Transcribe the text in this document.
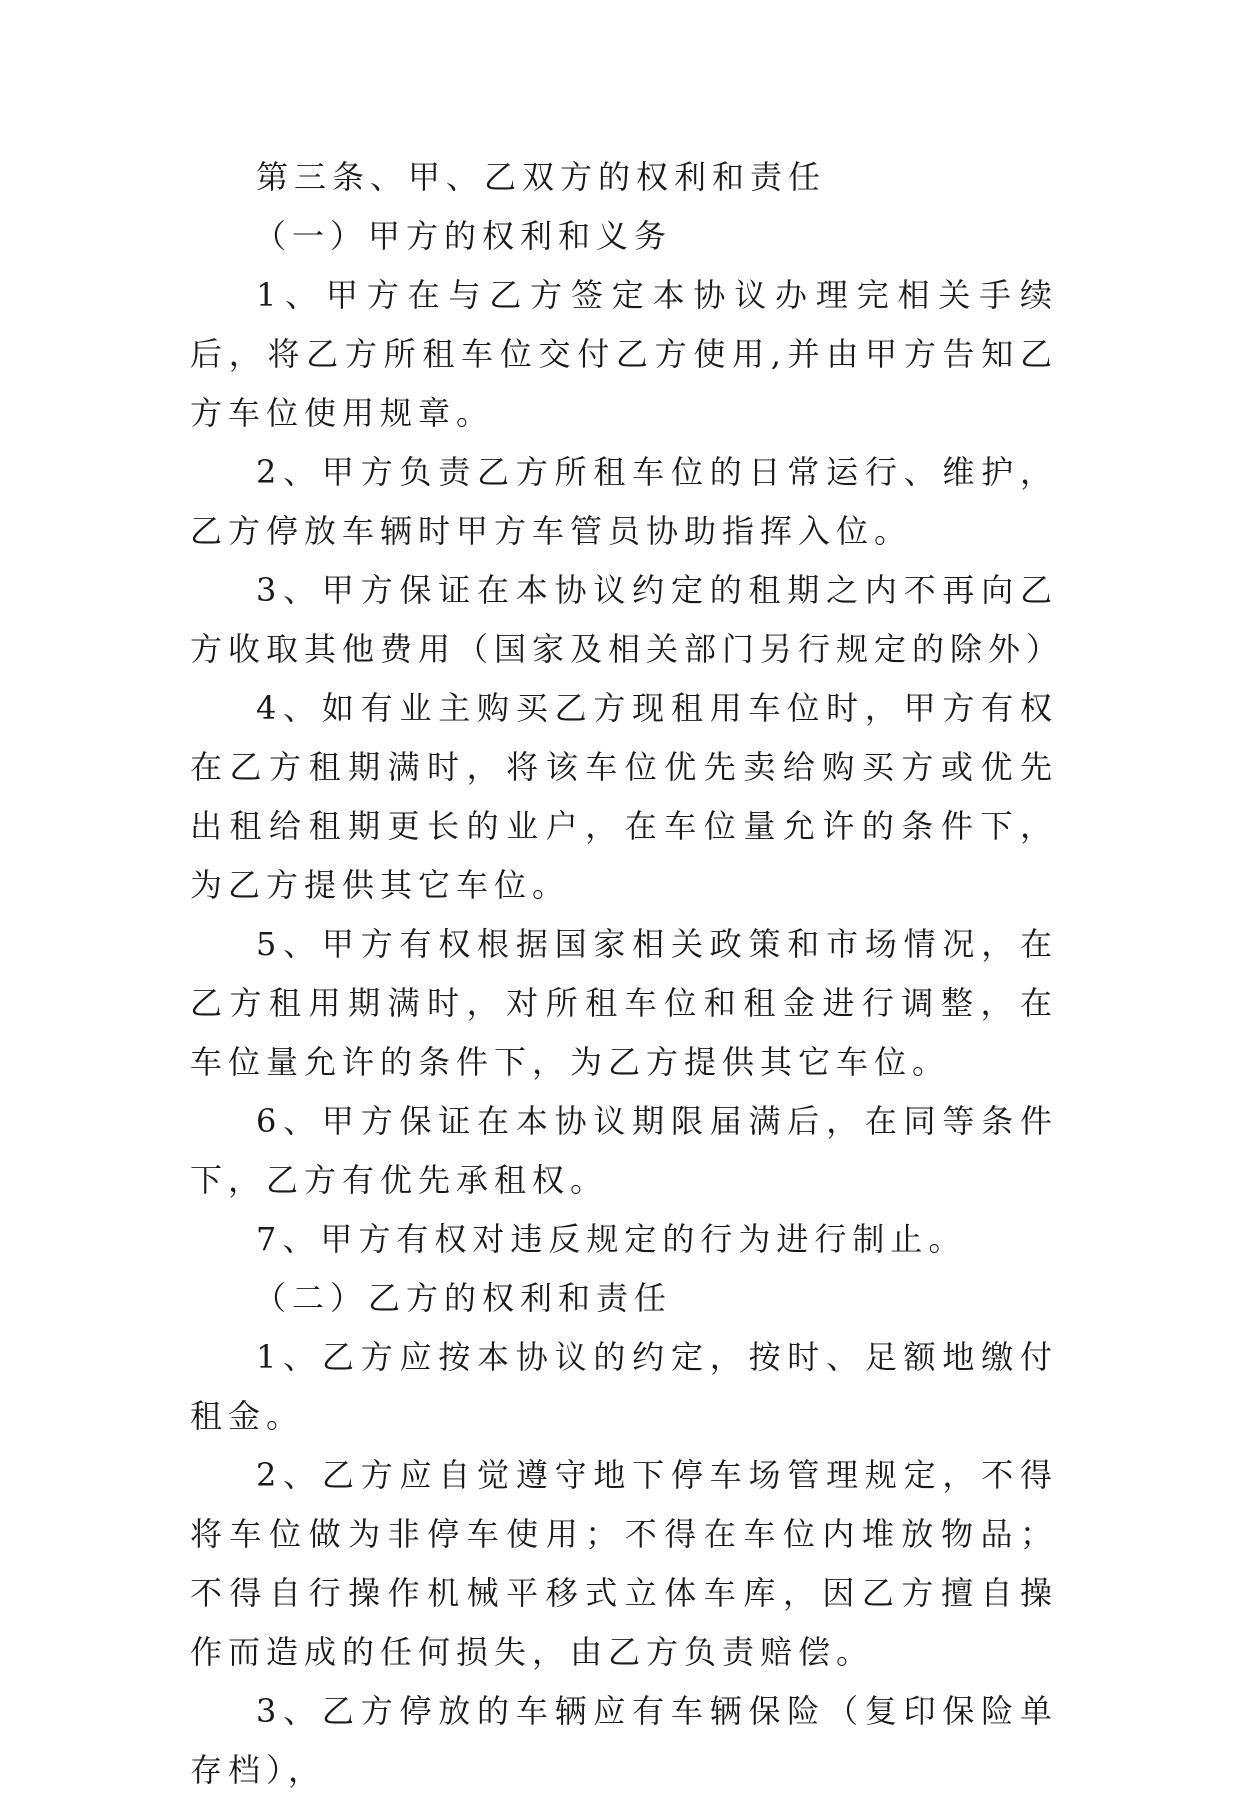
第三条、甲、乙双方的权利和责任

（一）甲方的权利和义务

1、甲方在与乙方签定本协议办理完相关手续后，将乙方所租车位交付乙方使用,并由甲方告知乙方车位使用规章。

2、甲方负责乙方所租车位的日常运行、维护，乙方停放车辆时甲方车管员协助指挥入位。

3、甲方保证在本协议约定的租期之内不再向乙方收取其他费用（国家及相关部门另行规定的除外）

4、如有业主购买乙方现租用车位时，甲方有权在乙方租期满时，将该车位优先卖给购买方或优先出租给租期更长的业户，在车位量允许的条件下，为乙方提供其它车位。

5、甲方有权根据国家相关政策和市场情况，在乙方租用期满时，对所租车位和租金进行调整，在车位量允许的条件下，为乙方提供其它车位。

6、甲方保证在本协议期限届满后，在同等条件下，乙方有优先承租权。

7、甲方有权对违反规定的行为进行制止。

（二）乙方的权利和责任

1、乙方应按本协议的约定，按时、足额地缴付租金。

2、乙方应自觉遵守地下停车场管理规定，不得将车位做为非停车使用；不得在车位内堆放物品；不得自行操作机械平移式立体车库，因乙方擅自操作而造成的任何损失，由乙方负责赔偿。

3、乙方停放的车辆应有车辆保险（复印保险单存档），
